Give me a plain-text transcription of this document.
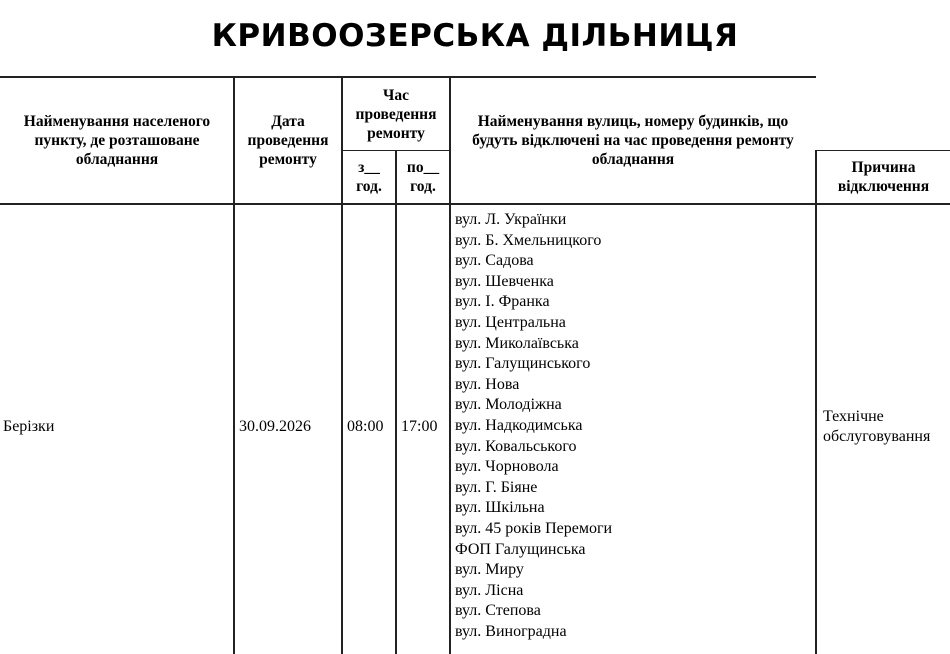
КРИВООЗЕРСЬКА ДІЛЬНИЦЯ
Найменування населеного пункту, де розташоване обладнання
Дата проведення ремонту
Час проведення ремонту
з__ год.
по__ год.
Найменування вулиць, номеру будинків, що будуть відключені на час проведення ремонту обладнання	Причина відключення
Берізки	30.09.2026 08:00 17:00
вул. Л. Українки
вул. Б. Хмельницкого
вул. Садова
вул. Шевченка
вул. І. Франка
вул. Центральна
вул. Миколаївська
вул. Галущинського
вул. Нова
вул. Молодіжна
вул. Надкодимська
вул. Ковальського
вул. Чорновола
вул. Г. Біяне
вул. Шкільна
вул. 45 років Перемоги
ФОП Галущинська
вул. Миру
вул. Лісна
вул. Степова
вул. Виноградна
Технічне обслуговування
